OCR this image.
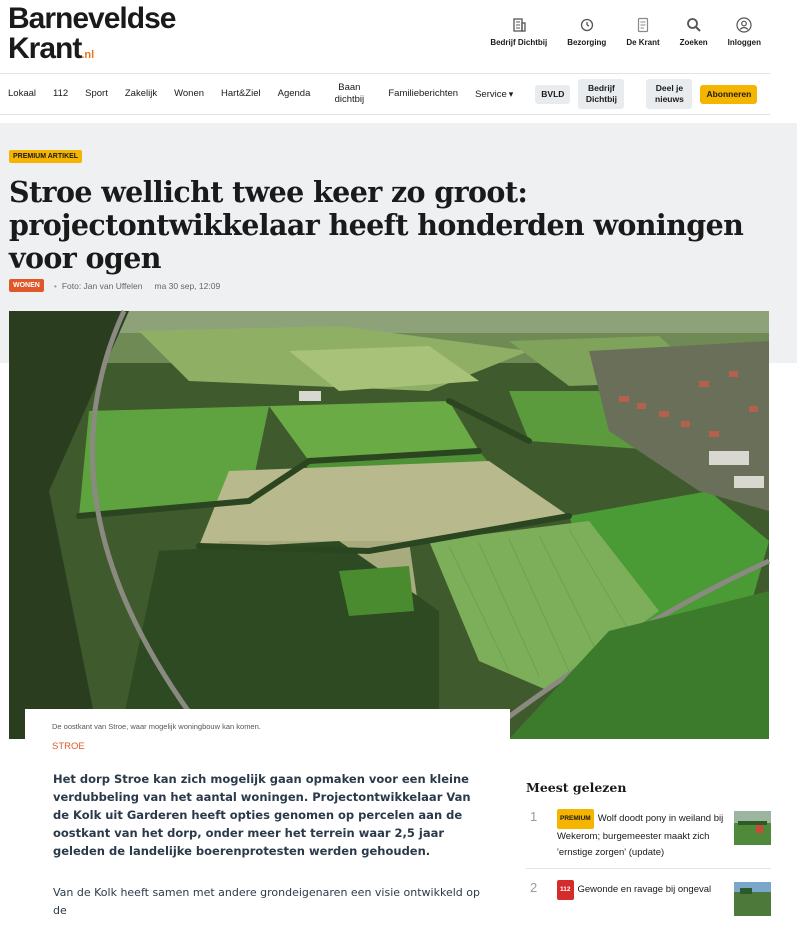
Barneveldse
Krant.nl
Bedrijf Dichtbij	Bezorging	De Krant	Zoeken	Inloggen
Lokaal 112 Sport Zakelijk Wonen Hart&Ziel Agenda
Baan dichtbij
Familieberichten Service ▾	BVLD
Bedrijf Dichtbij
Deel je nieuws
Abonneren
PREMIUM ARTIKEL
Stroe wellicht twee keer zo groot: projectontwikkelaar heeft honderden woningen voor ogen
WONEN	• Foto: Jan van Uffelen ma 30 sep, 12:09
De oostkant van Stroe, waar mogelijk woningbouw kan komen.
STROE

Het dorp Stroe kan zich mogelijk gaan opmaken voor een kleine verdubbeling van het aantal woningen. Projectontwikkelaar Van de Kolk uit Garderen heeft opties genomen op percelen aan de oostkant van het dorp, onder meer het terrein waar 2,5 jaar geleden de landelijke boerenprotesten werden gehouden.

Van de Kolk heeft samen met andere grondeigenaren een visie ontwikkeld op de

Meest gelezen
1	PREMIUM Wolf doodt pony in weiland bij Wekerom; burgemeester maakt zich 'ernstige zorgen' (update)
2	112 Gewonde en ravage bij ongeval
